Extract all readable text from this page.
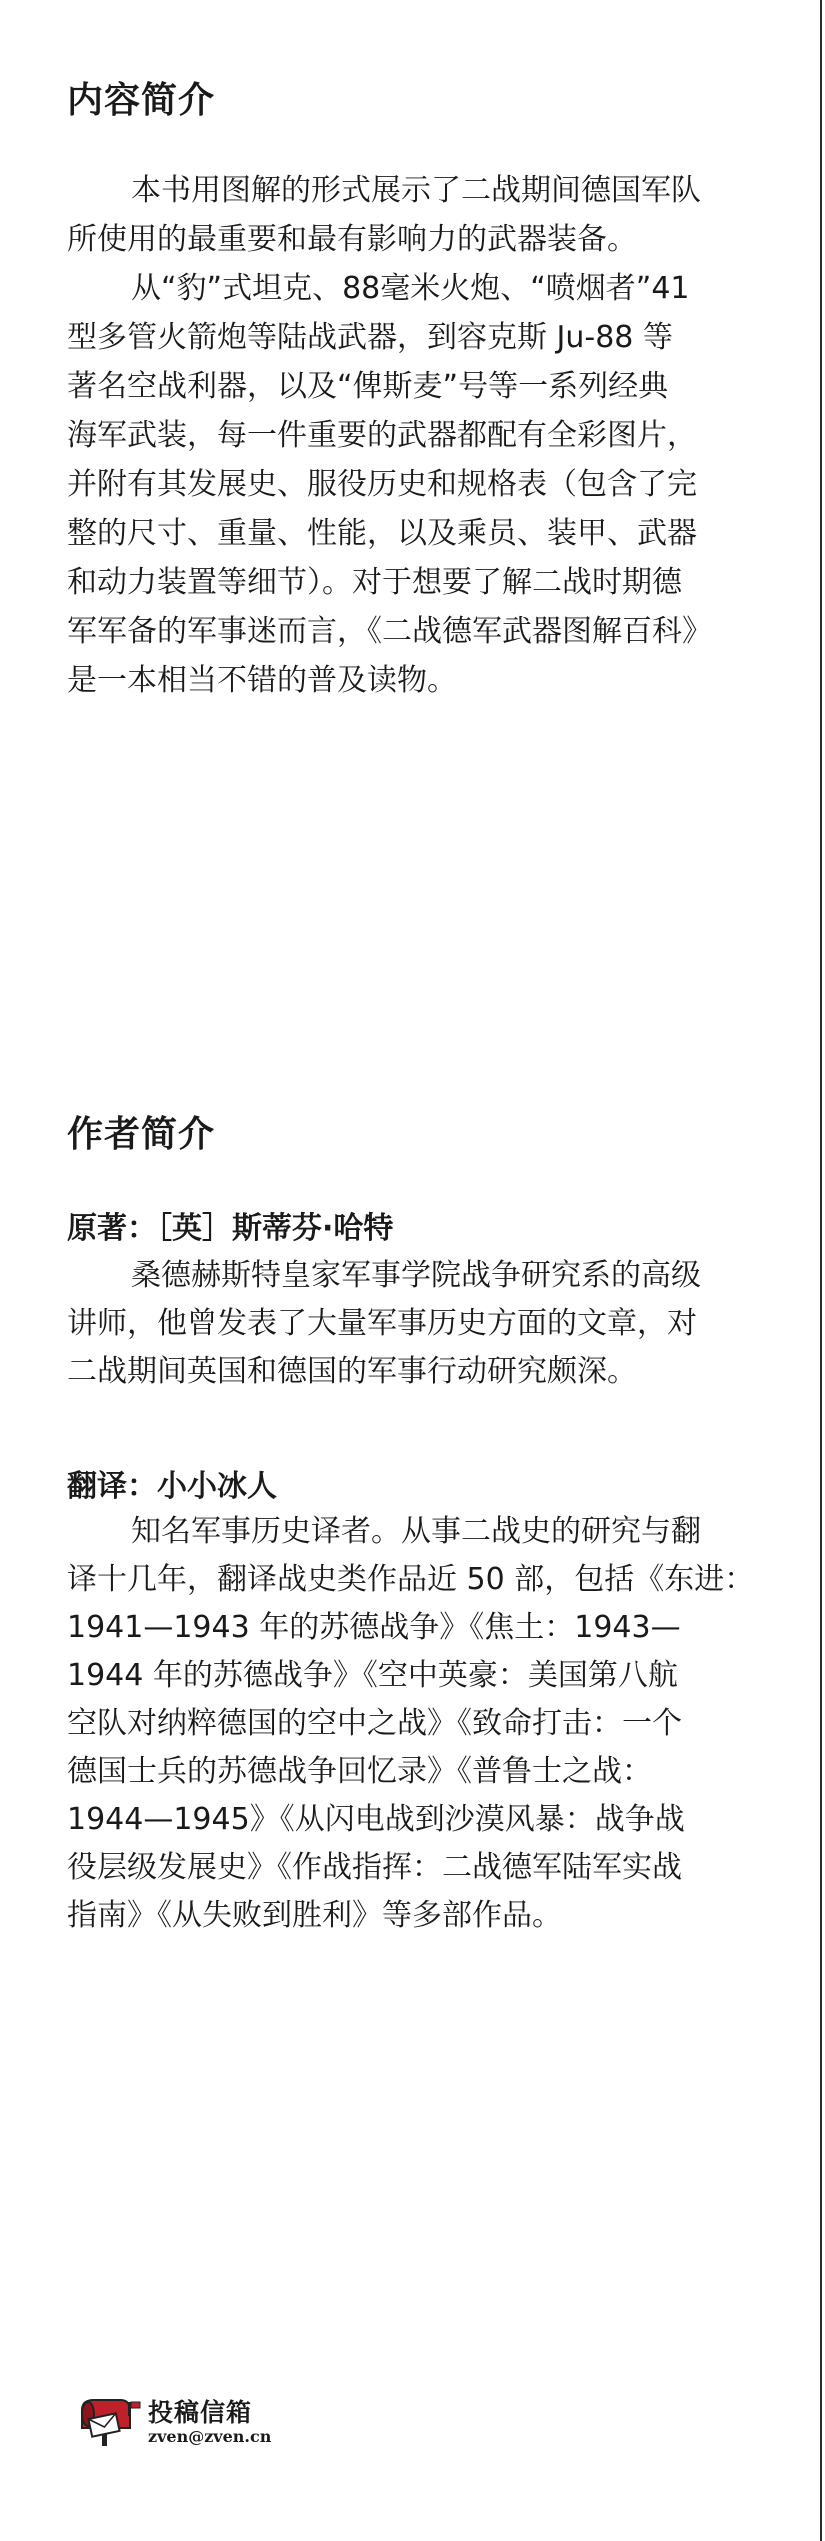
内容简介
本书用图解的形式展示了二战期间德国军队
所使用的最重要和最有影响力的武器装备。
从“豹”式坦克、88毫米火炮、“喷烟者”41
型多管火箭炮等陆战武器，到容克斯 Ju-88 等
著名空战利器，以及“俾斯麦”号等一系列经典
海军武装，每一件重要的武器都配有全彩图片，
并附有其发展史、服役历史和规格表（包含了完
整的尺寸、重量、性能，以及乘员、装甲、武器
和动力装置等细节）。对于想要了解二战时期德
军军备的军事迷而言，《二战德军武器图解百科》
是一本相当不错的普及读物。
作者简介

原著：［英］斯蒂芬·哈特

桑德赫斯特皇家军事学院战争研究系的高级
讲师，他曾发表了大量军事历史方面的文章，对
二战期间英国和德国的军事行动研究颇深。

翻译：小小冰人

知名军事历史译者。从事二战史的研究与翻
译十几年，翻译战史类作品近 50 部，包括《东进：
1941—1943 年的苏德战争》《焦土：1943—
1944 年的苏德战争》《空中英豪：美国第八航
空队对纳粹德国的空中之战》《致命打击：一个
德国士兵的苏德战争回忆录》《普鲁士之战：
1944—1945》《从闪电战到沙漠风暴：战争战
役层级发展史》《作战指挥：二战德军陆军实战
指南》《从失败到胜利》等多部作品。
投稿信箱
zven@zven.cn
